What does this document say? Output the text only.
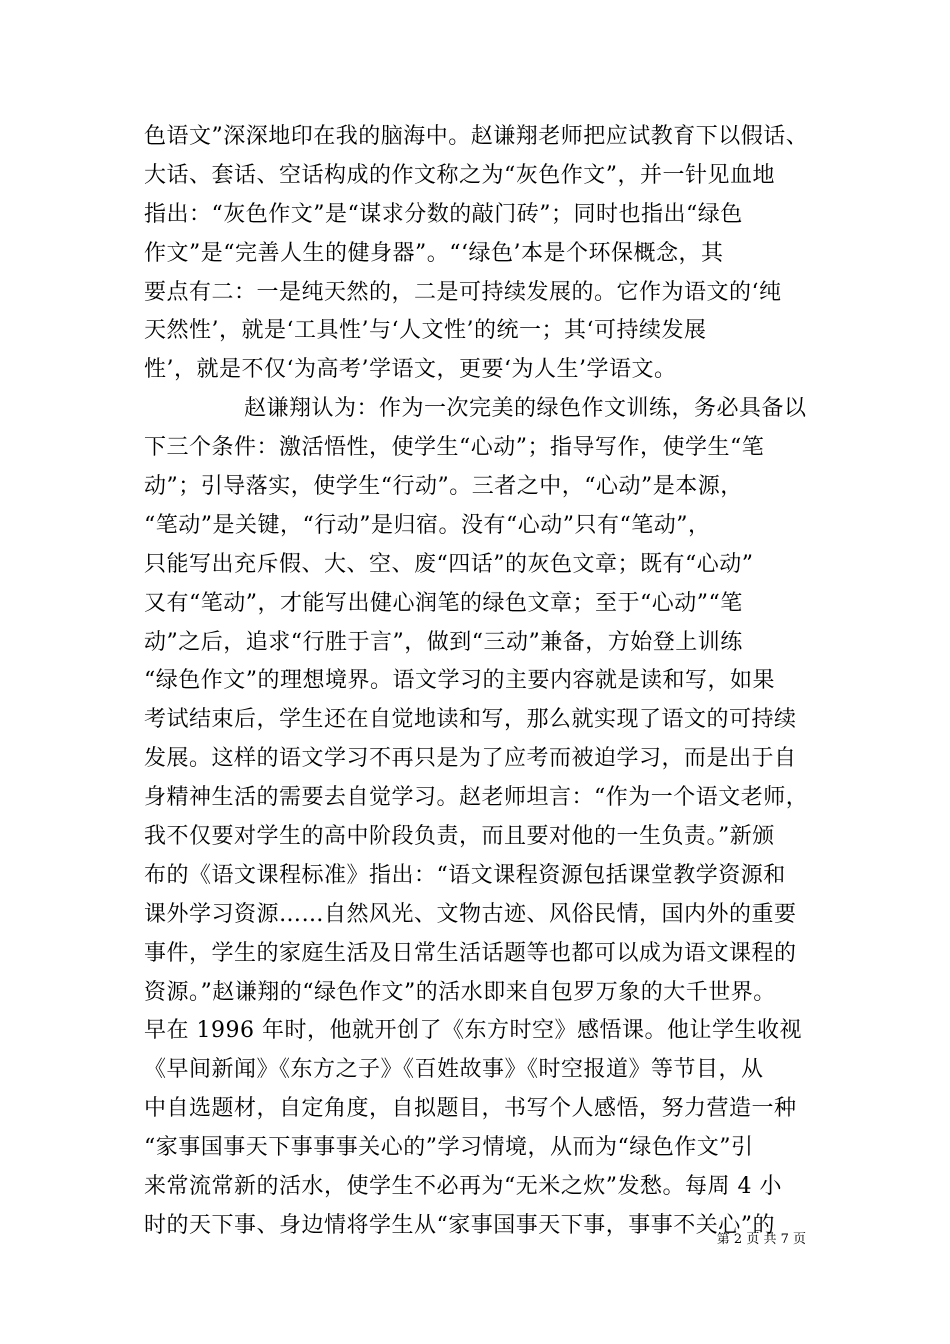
色语文”深深地印在我的脑海中。赵谦翔老师把应试教育下以假话、
大话、套话、空话构成的作文称之为“灰色作文”，并一针见血地
指出：“灰色作文”是“谋求分数的敲门砖”；同时也指出“绿色
作文”是“完善人生的健身器”。“‘绿色’本是个环保概念，其
要点有二：一是纯天然的，二是可持续发展的。它作为语文的‘纯
天然性’，就是‘工具性’与‘人文性’的统一；其‘可持续发展
性’，就是不仅‘为高考’学语文，更要‘为人生’学语文。
赵谦翔认为：作为一次完美的绿色作文训练，务必具备以
下三个条件：激活悟性，使学生“心动”；指导写作，使学生“笔
动”；引导落实，使学生“行动”。三者之中，“心动”是本源，
“笔动”是关键，“行动”是归宿。没有“心动”只有“笔动”，
只能写出充斥假、大、空、废“四话”的灰色文章；既有“心动”
又有“笔动”，才能写出健心润笔的绿色文章；至于“心动”“笔
动”之后，追求“行胜于言”，做到“三动”兼备，方始登上训练
“绿色作文”的理想境界。语文学习的主要内容就是读和写，如果
考试结束后，学生还在自觉地读和写，那么就实现了语文的可持续
发展。这样的语文学习不再只是为了应考而被迫学习，而是出于自
身精神生活的需要去自觉学习。赵老师坦言：“作为一个语文老师，
我不仅要对学生的高中阶段负责，而且要对他的一生负责。”新颁
布的《语文课程标准》指出：“语文课程资源包括课堂教学资源和
课外学习资源……自然风光、文物古迹、风俗民情，国内外的重要
事件，学生的家庭生活及日常生活话题等也都可以成为语文课程的
资源。”赵谦翔的“绿色作文”的活水即来自包罗万象的大千世界。
早在 1996 年时，他就开创了《东方时空》感悟课。他让学生收视
《早间新闻》《东方之子》《百姓故事》《时空报道》等节目，从
中自选题材，自定角度，自拟题目，书写个人感悟，努力营造一种
“家事国事天下事事事关心的”学习情境，从而为“绿色作文”引
来常流常新的活水，使学生不必再为“无米之炊”发愁。每周 4 小
时的天下事、身边情将学生从“家事国事天下事，事事不关心”的
第 2 页 共 7 页
